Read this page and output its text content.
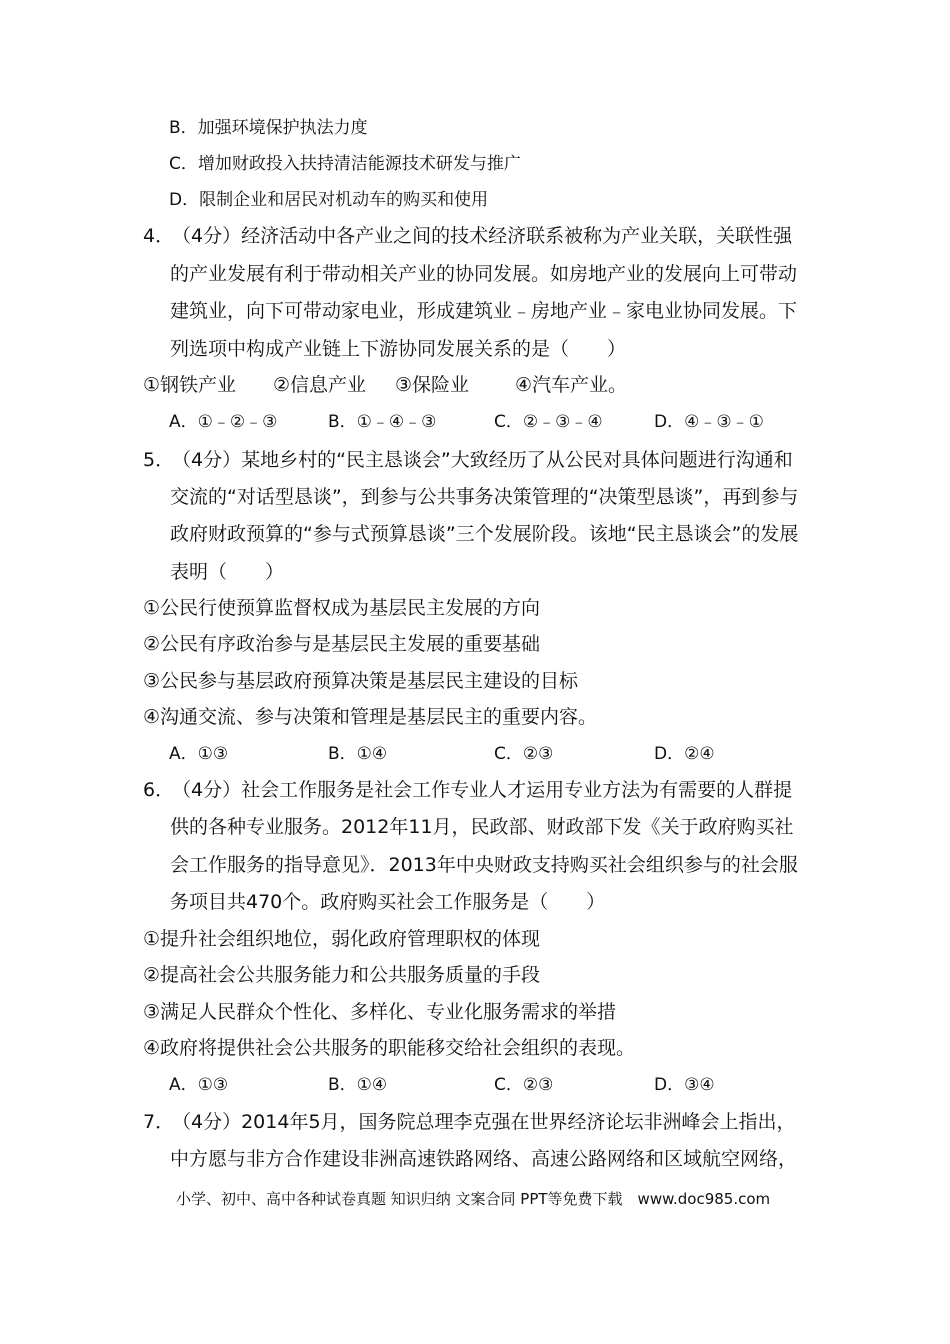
B．加强环境保护执法力度
C．增加财政投入扶持清洁能源技术研发与推广
D．限制企业和居民对机动车的购买和使用
4．
（4分）经济活动中各产业之间的技术经济联系被称为产业关联，关联性强
的产业发展有利于带动相关产业的协同发展。如房地产业的发展向上可带动
建筑业，向下可带动家电业，形成建筑业﹣房地产业﹣家电业协同发展。下
列选项中构成产业链上下游协同发展关系的是（　　）
①钢铁产业 ②信息产业 ③保险业 ④汽车产业。
A．①﹣②﹣③	B．①﹣④﹣③	C．②﹣③﹣④	D．④﹣③﹣①
5．
（4分）某地乡村的“民主恳谈会”大致经历了从公民对具体问题进行沟通和
交流的“对话型恳谈”，到参与公共事务决策管理的“决策型恳谈”，再到参与
政府财政预算的“参与式预算恳谈”三个发展阶段。该地“民主恳谈会”的发展
表明（　　）
①公民行使预算监督权成为基层民主发展的方向
②公民有序政治参与是基层民主发展的重要基础
③公民参与基层政府预算决策是基层民主建设的目标
④沟通交流、参与决策和管理是基层民主的重要内容。
A．①③	B．①④	C．②③	D．②④
6．
（4分）社会工作服务是社会工作专业人才运用专业方法为有需要的人群提
供的各种专业服务。2012年11月，民政部、财政部下发《关于政府购买社
会工作服务的指导意见》．2013年中央财政支持购买社会组织参与的社会服
务项目共470个。政府购买社会工作服务是（　　）
①提升社会组织地位，弱化政府管理职权的体现
②提高社会公共服务能力和公共服务质量的手段
③满足人民群众个性化、多样化、专业化服务需求的举措
④政府将提供社会公共服务的职能移交给社会组织的表现。
A．①③	B．①④	C．②③	D．③④
7．
（4分）2014年5月，国务院总理李克强在世界经济论坛非洲峰会上指出，
中方愿与非方合作建设非洲高速铁路网络、高速公路网络和区域航空网络，
小学、初中、高中各种试卷真题 知识归纳 文案合同 PPT等免费下载　www.doc985.com
